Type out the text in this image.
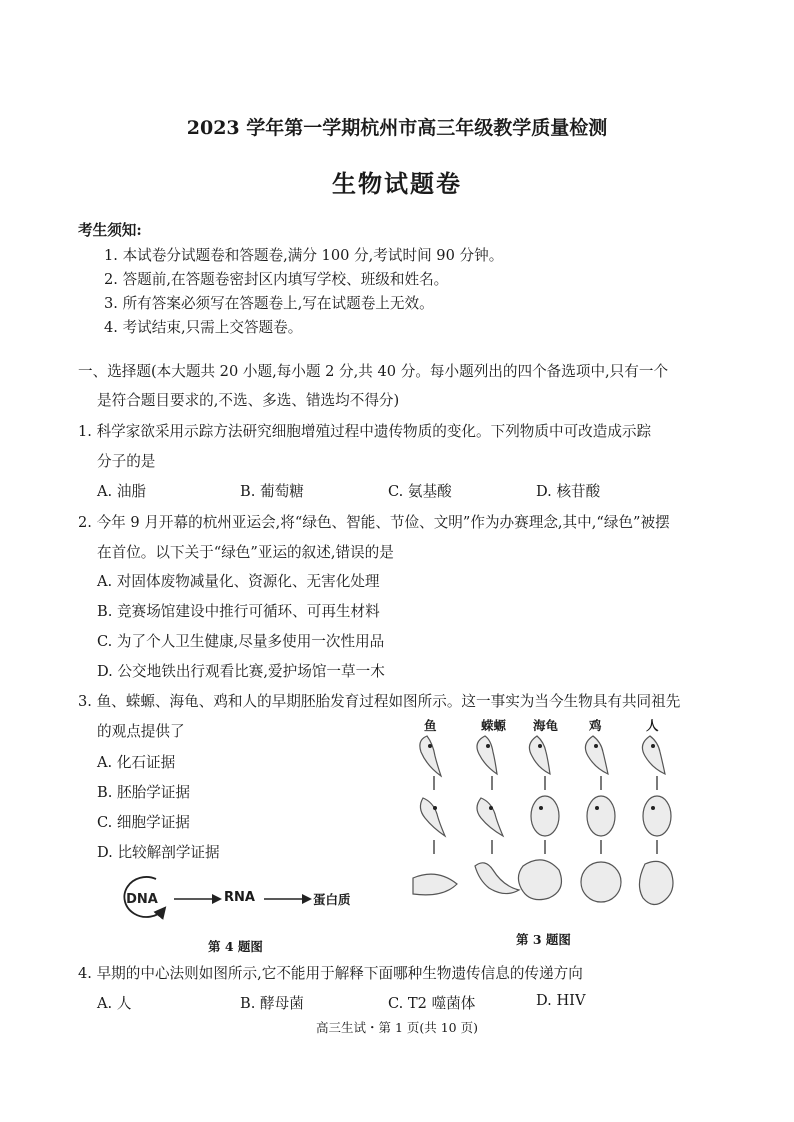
2023 学年第一学期杭州市高三年级教学质量检测
生物试题卷
考生须知:
1. 本试卷分试题卷和答题卷,满分 100 分,考试时间 90 分钟。
2. 答题前,在答题卷密封区内填写学校、班级和姓名。
3. 所有答案必须写在答题卷上,写在试题卷上无效。
4. 考试结束,只需上交答题卷。
一、选择题(本大题共 20 小题,每小题 2 分,共 40 分。每小题列出的四个备选项中,只有一个
是符合题目要求的,不选、多选、错选均不得分)
1. 科学家欲采用示踪方法研究细胞增殖过程中遗传物质的变化。下列物质中可改造成示踪
分子的是
A. 油脂	B. 葡萄糖	C. 氨基酸	D. 核苷酸
2. 今年 9 月开幕的杭州亚运会,将“绿色、智能、节俭、文明”作为办赛理念,其中,“绿色”被摆
在首位。以下关于“绿色”亚运的叙述,错误的是
A. 对固体废物减量化、资源化、无害化处理
B. 竞赛场馆建设中推行可循环、可再生材料
C. 为了个人卫生健康,尽量多使用一次性用品
D. 公交地铁出行观看比赛,爱护场馆一草一木
3. 鱼、蝾螈、海龟、鸡和人的早期胚胎发育过程如图所示。这一事实为当今生物具有共同祖先
的观点提供了
A. 化石证据
B. 胚胎学证据
C. 细胞学证据
D. 比较解剖学证据
鱼	蝾螈 海龟 鸡	人
第 3 题图
DNA	RNA	蛋白质
第 4 题图
4. 早期的中心法则如图所示,它不能用于解释下面哪种生物遗传信息的传递方向
A. 人	B. 酵母菌	C. T2 噬菌体	D. HIV
高三生试・第 1 页(共 10 页)
